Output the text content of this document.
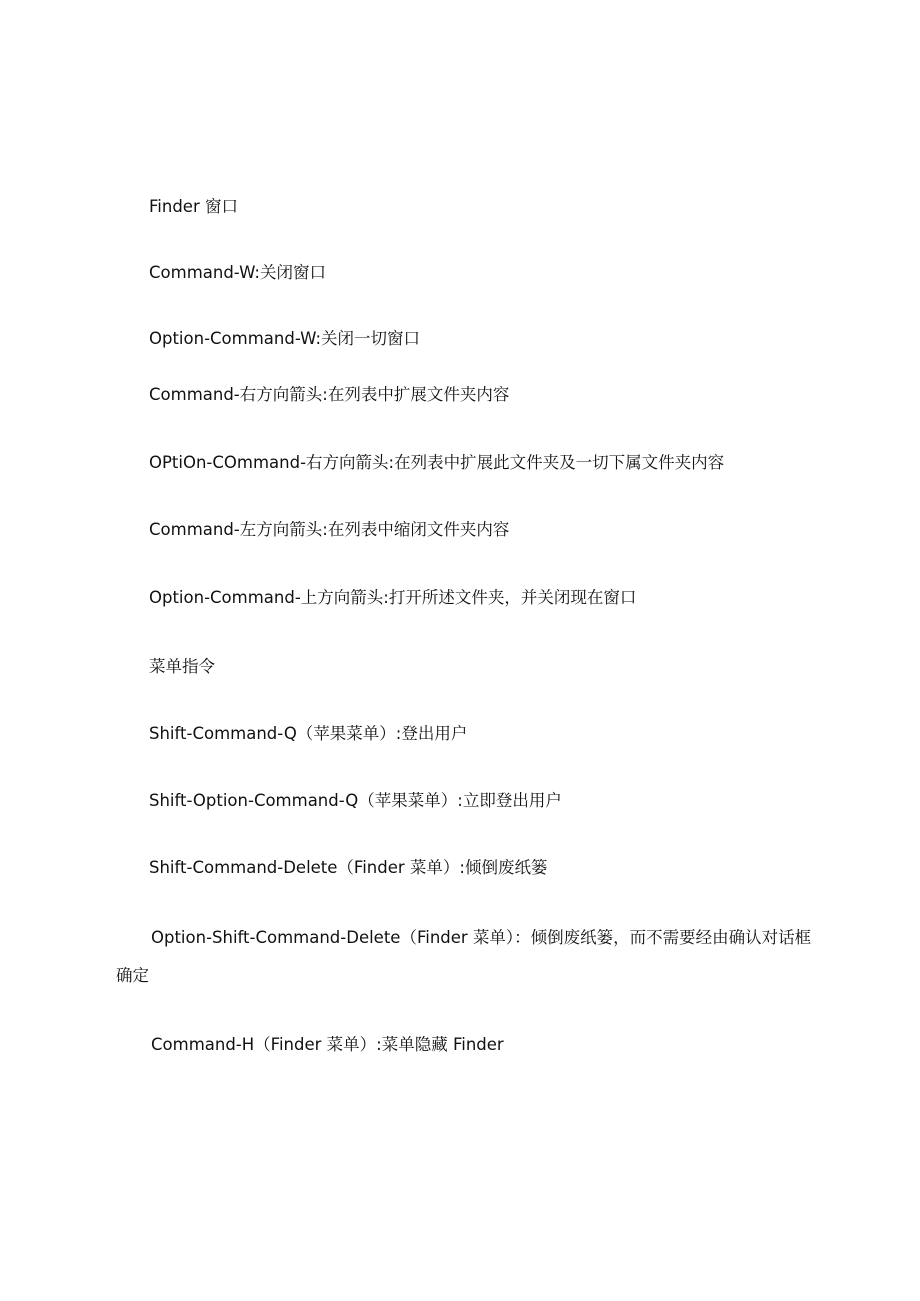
Finder 窗口
Command-W:关闭窗口
Option-Command-W:关闭一切窗口
Command-右方向箭头:在列表中扩展文件夹内容
OPtiOn-COmmand-右方向箭头:在列表中扩展此文件夹及一切下属文件夹内容
Command-左方向箭头:在列表中缩闭文件夹内容
Option-Command-上方向箭头:打开所述文件夹，并关闭现在窗口
菜单指令
Shift-Command-Q（苹果菜单）:登出用户
Shift-Option-Command-Q（苹果菜单）:立即登出用户
Shift-Command-Delete（Finder 菜单）:倾倒废纸篓
Option-Shift-Command-Delete（Finder 菜单）：倾倒废纸篓，而不需要经由确认对话框确定
Command-H（Finder 菜单）:菜单隐藏 Finder
